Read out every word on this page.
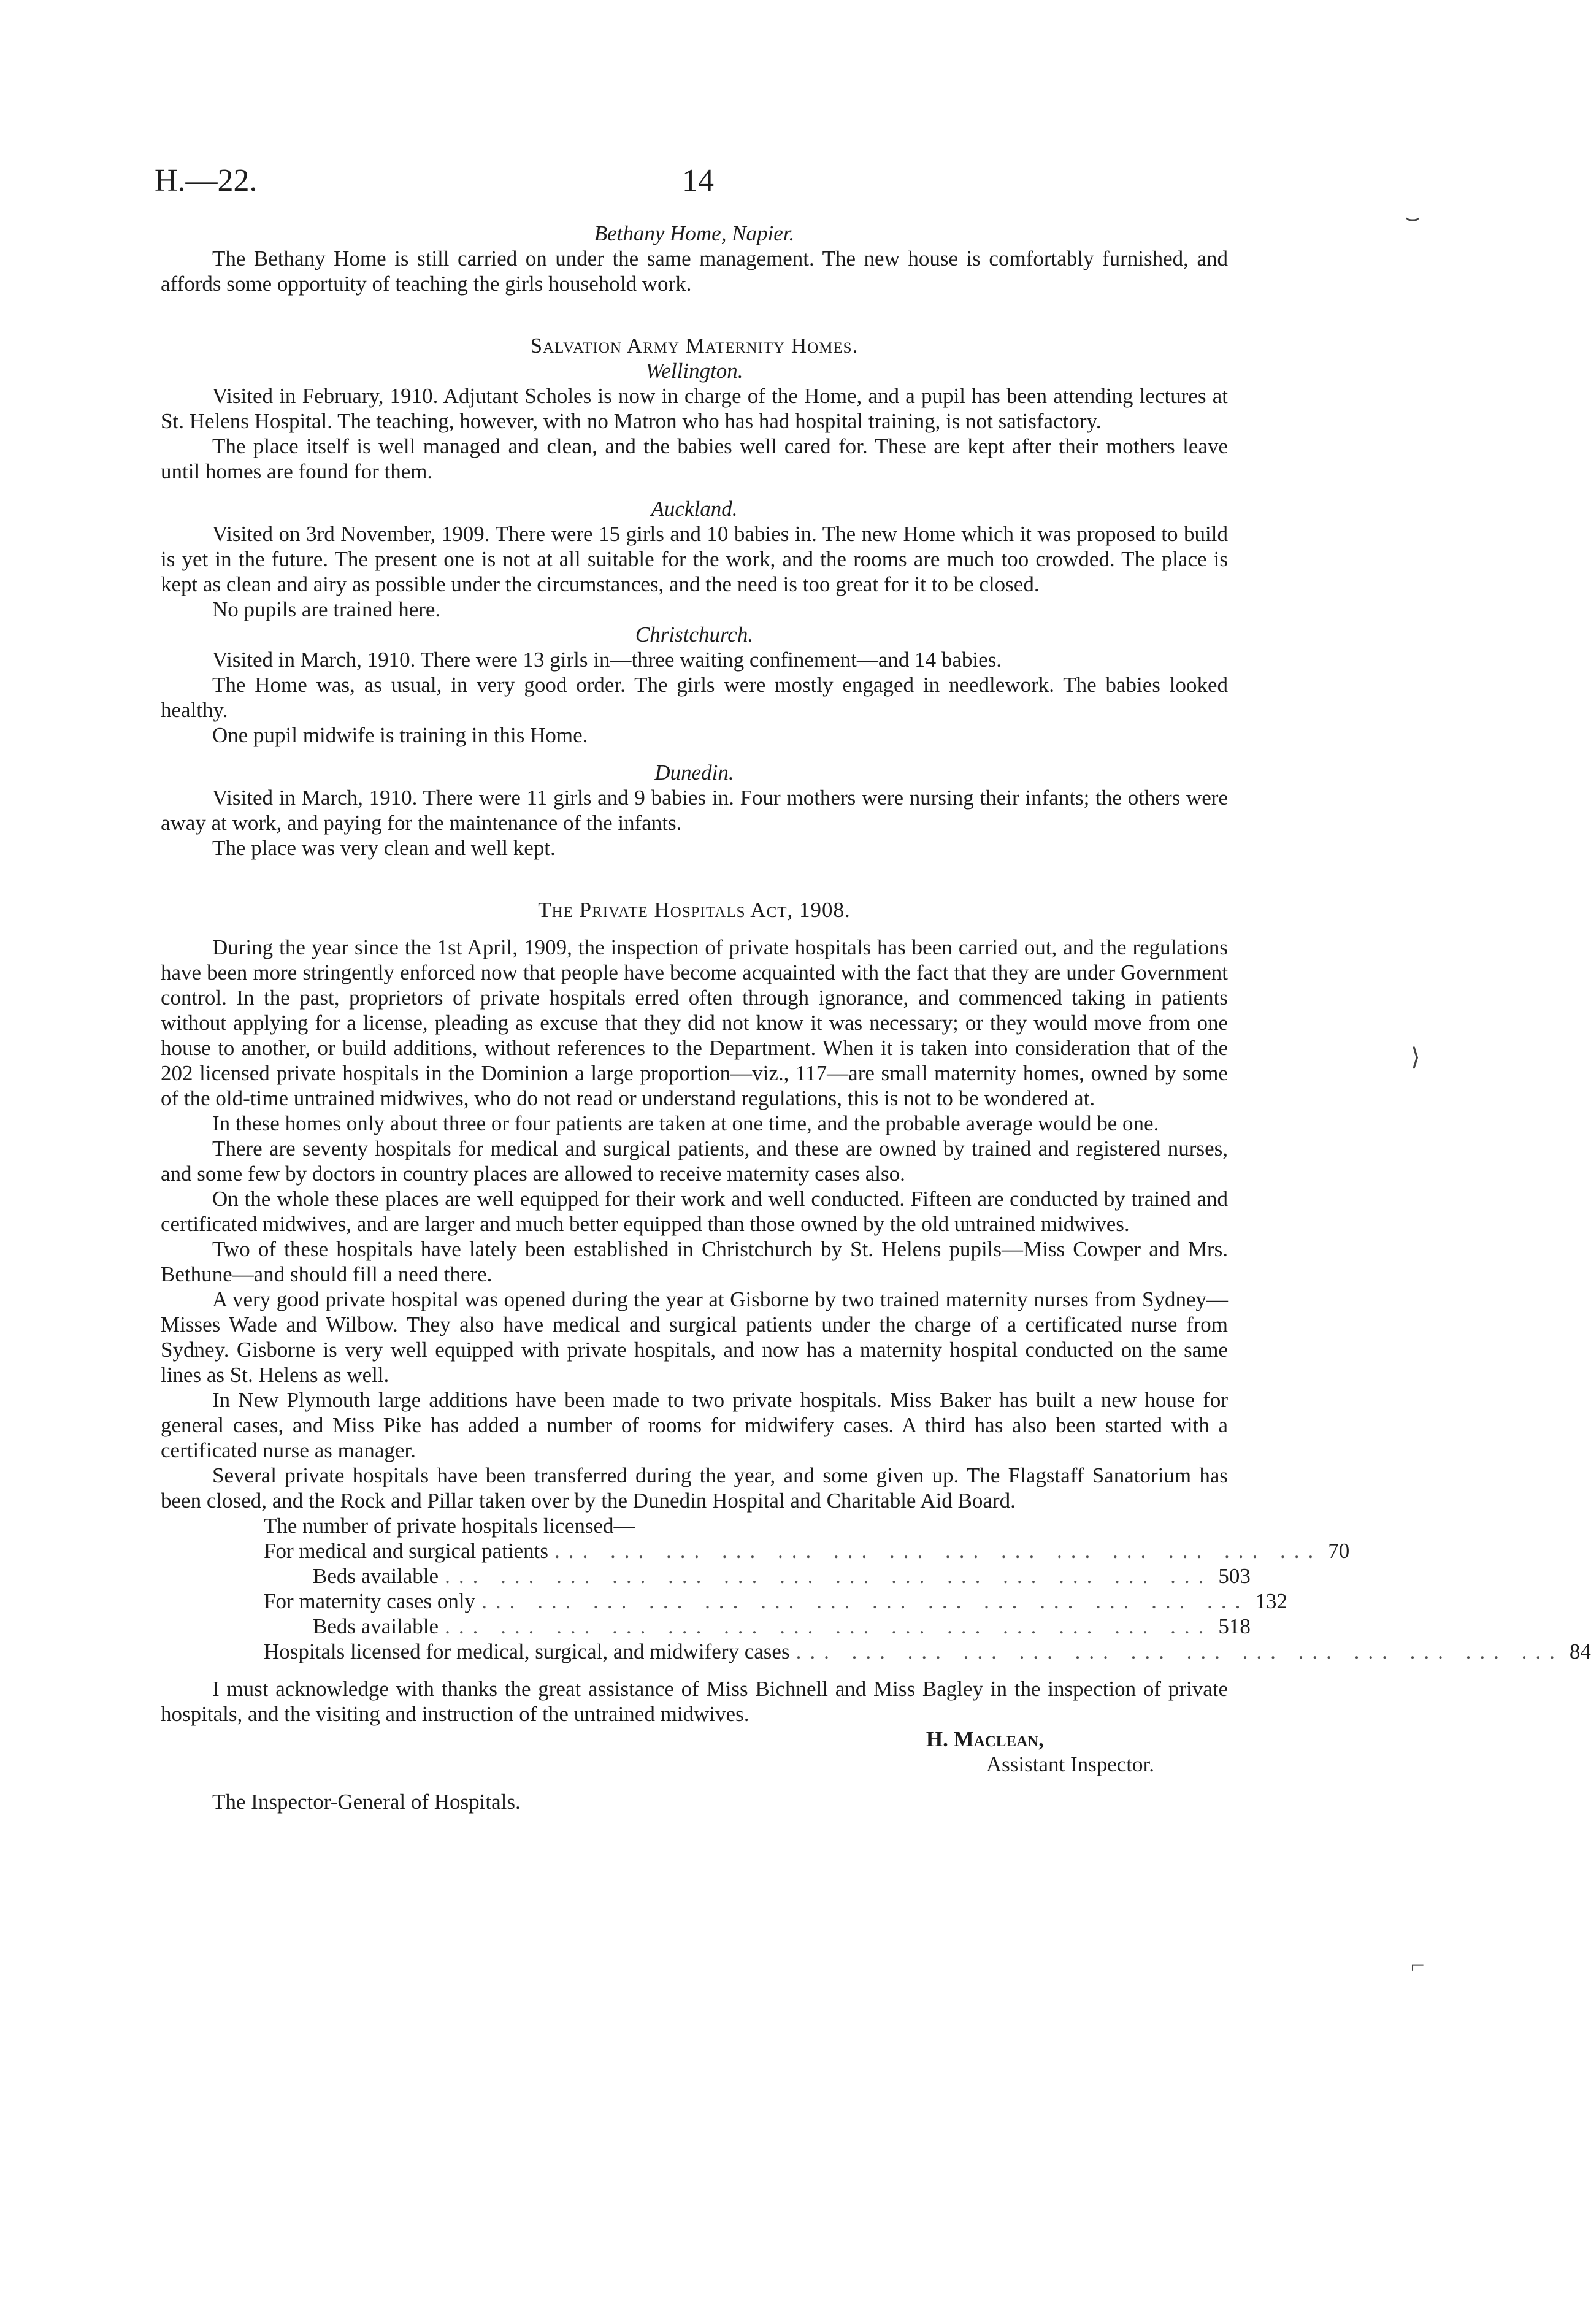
H.—22.	14
⌣
⟩
⌐

Bethany Home, Napier.

The Bethany Home is still carried on under the same management. The new house is comfortably furnished, and affords some opportuity of teaching the girls household work.

Salvation Army Maternity Homes.

Wellington.

Visited in February, 1910. Adjutant Scholes is now in charge of the Home, and a pupil has been attending lectures at St. Helens Hospital. The teaching, however, with no Matron who has had hospital training, is not satisfactory.

The place itself is well managed and clean, and the babies well cared for. These are kept after their mothers leave until homes are found for them.

Auckland.

Visited on 3rd November, 1909. There were 15 girls and 10 babies in. The new Home which it was proposed to build is yet in the future. The present one is not at all suitable for the work, and the rooms are much too crowded. The place is kept as clean and airy as possible under the circumstances, and the need is too great for it to be closed.

No pupils are trained here.

Christchurch.

Visited in March, 1910. There were 13 girls in—three waiting confinement—and 14 babies.

The Home was, as usual, in very good order. The girls were mostly engaged in needlework. The babies looked healthy.

One pupil midwife is training in this Home.

Dunedin.

Visited in March, 1910. There were 11 girls and 9 babies in. Four mothers were nursing their infants; the others were away at work, and paying for the maintenance of the infants.

The place was very clean and well kept.

The Private Hospitals Act, 1908.

During the year since the 1st April, 1909, the inspection of private hospitals has been carried out, and the regulations have been more stringently enforced now that people have become acquainted with the fact that they are under Government control. In the past, proprietors of private hospitals erred often through ignorance, and commenced taking in patients without applying for a license, pleading as excuse that they did not know it was necessary; or they would move from one house to another, or build additions, without references to the Department. When it is taken into consideration that of the 202 licensed private hospitals in the Dominion a large proportion—viz., 117—are small maternity homes, owned by some of the old-time untrained midwives, who do not read or understand regulations, this is not to be wondered at.

In these homes only about three or four patients are taken at one time, and the probable average would be one.

There are seventy hospitals for medical and surgical patients, and these are owned by trained and registered nurses, and some few by doctors in country places are allowed to receive maternity cases also.

On the whole these places are well equipped for their work and well conducted. Fifteen are conducted by trained and certificated midwives, and are larger and much better equipped than those owned by the old untrained midwives.

Two of these hospitals have lately been established in Christchurch by St. Helens pupils—Miss Cowper and Mrs. Bethune—and should fill a need there.

A very good private hospital was opened during the year at Gisborne by two trained maternity nurses from Sydney—Misses Wade and Wilbow. They also have medical and surgical patients under the charge of a certificated nurse from Sydney. Gisborne is very well equipped with private hospitals, and now has a maternity hospital conducted on the same lines as St. Helens as well.

In New Plymouth large additions have been made to two private hospitals. Miss Baker has built a new house for general cases, and Miss Pike has added a number of rooms for midwifery cases. A third has also been started with a certificated nurse as manager.

Several private hospitals have been transferred during the year, and some given up. The Flagstaff Sanatorium has been closed, and the Rock and Pillar taken over by the Dunedin Hospital and Charitable Aid Board.

The number of private hospitals licensed—

For medical and surgical patients ... ... ... ... ... ... ... ... ... ... ... ... ... ... 70
Beds available ... ... ... ... ... ... ... ... ... ... ... ... ... ... 503
For maternity cases only ... ... ... ... ... ... ... ... ... ... ... ... ... ... 132
Beds available ... ... ... ... ... ... ... ... ... ... ... ... ... ... 518
Hospitals licensed for medical, surgical, and midwifery cases ... ... ... ... ... ... ... ... ... ... ... ... ... ... 84

I must acknowledge with thanks the great assistance of Miss Bichnell and Miss Bagley in the inspection of private hospitals, and the visiting and instruction of the untrained midwives.

H. Maclean,

Assistant Inspector.

The Inspector-General of Hospitals.
